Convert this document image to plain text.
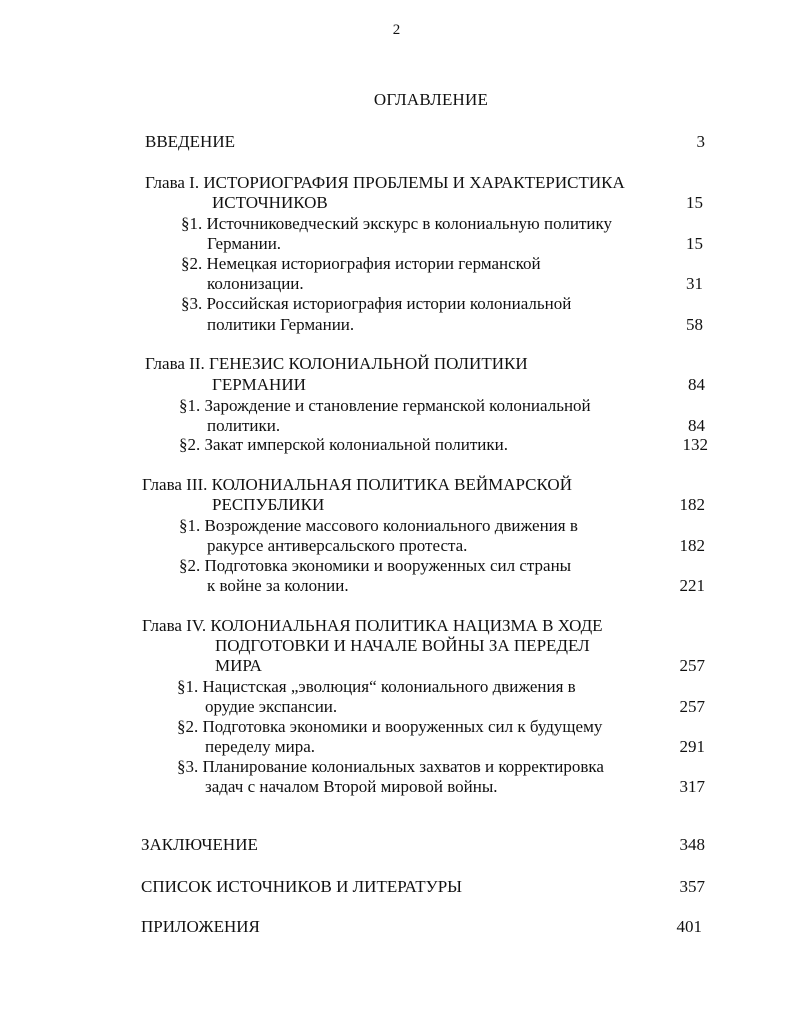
2
ОГЛАВЛЕНИЕ
ВВЕДЕНИЕ	3
Глава I. ИСТОРИОГРАФИЯ ПРОБЛЕМЫ И ХАРАКТЕРИСТИКА
ИСТОЧНИКОВ	15
§1. Источниковедческий экскурс в колониальную политику
Германии.	15
§2. Немецкая историография истории германской
колонизации.	31
§3. Российская историография истории колониальной
политики Германии.	58
Глава II. ГЕНЕЗИС КОЛОНИАЛЬНОЙ ПОЛИТИКИ
ГЕРМАНИИ	84
§1. Зарождение и становление германской колониальной
политики.	84
§2. Закат имперской колониальной политики.	132
Глава III. КОЛОНИАЛЬНАЯ ПОЛИТИКА ВЕЙМАРСКОЙ
РЕСПУБЛИКИ	182
§1. Возрождение массового колониального движения в
ракурсе антиверсальского протеста.	182
§2. Подготовка экономики и вооруженных сил страны
к войне за колонии.	221
Глава IV. КОЛОНИАЛЬНАЯ ПОЛИТИКА НАЦИЗМА В ХОДЕ
ПОДГОТОВКИ И НАЧАЛЕ ВОЙНЫ ЗА ПЕРЕДЕЛ
МИРА	257
§1. Нацистская „эволюция“ колониального движения в
орудие экспансии.	257
§2. Подготовка экономики и вооруженных сил к будущему
переделу мира.	291
§3. Планирование колониальных захватов и корректировка
задач с началом Второй мировой войны.	317
ЗАКЛЮЧЕНИЕ	348
СПИСОК ИСТОЧНИКОВ И ЛИТЕРАТУРЫ	357
ПРИЛОЖЕНИЯ	401
